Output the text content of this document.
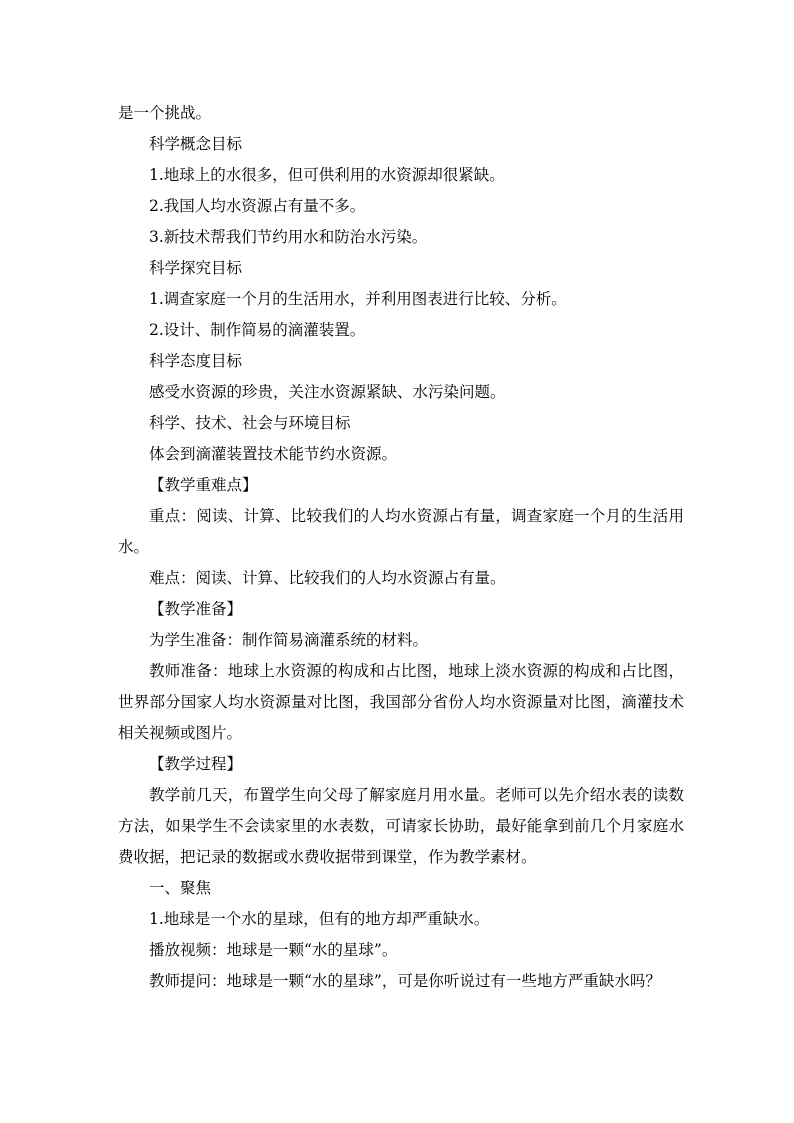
是一个挑战。

科学概念目标

1.地球上的水很多，但可供利用的水资源却很紧缺。

2.我国人均水资源占有量不多。

3.新技术帮我们节约用水和防治水污染。

科学探究目标

1.调查家庭一个月的生活用水，并利用图表进行比较、分析。

2.设计、制作简易的滴灌装置。

科学态度目标

感受水资源的珍贵，关注水资源紧缺、水污染问题。

科学、技术、社会与环境目标

体会到滴灌装置技术能节约水资源。

【教学重难点】

重点：阅读、计算、比较我们的人均水资源占有量，调查家庭一个月的生活用水。

难点：阅读、计算、比较我们的人均水资源占有量。

【教学准备】

为学生准备：制作简易滴灌系统的材料。

教师准备：地球上水资源的构成和占比图，地球上淡水资源的构成和占比图，世界部分国家人均水资源量对比图，我国部分省份人均水资源量对比图，滴灌技术相关视频或图片。

【教学过程】

教学前几天，布置学生向父母了解家庭月用水量。老师可以先介绍水表的读数方法，如果学生不会读家里的水表数，可请家长协助，最好能拿到前几个月家庭水费收据，把记录的数据或水费收据带到课堂，作为教学素材。

一、聚焦

1.地球是一个水的星球，但有的地方却严重缺水。

播放视频：地球是一颗“水的星球”。

教师提问：地球是一颗“水的星球”，可是你听说过有一些地方严重缺水吗？
